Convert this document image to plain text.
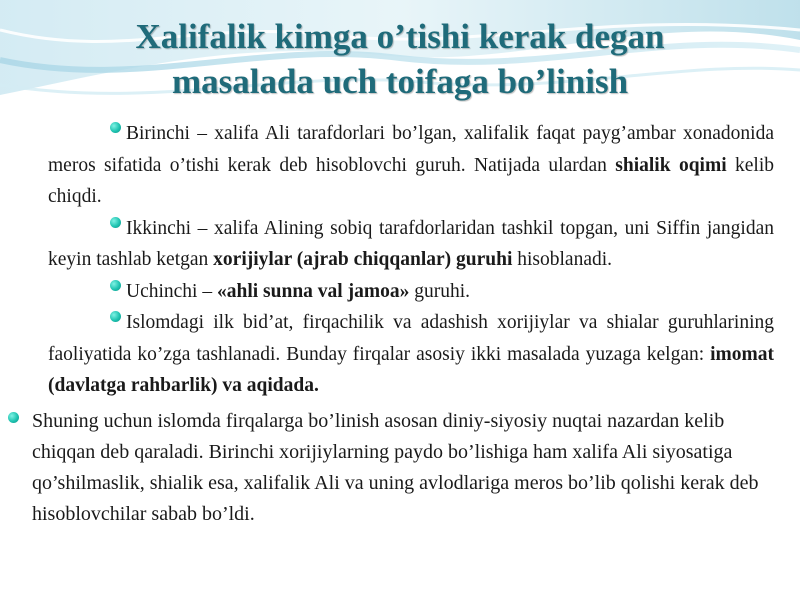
Xalifalik kimga o’tishi kerak degan
masalada uch toifaga bo’linish
Birinchi – xalifa Ali tarafdorlari bo’lgan, xalifalik faqat payg’ambar xonadonida meros sifatida o’tishi kerak deb hisoblovchi guruh. Natijada ulardan shialik oqimi kelib chiqdi.
Ikkinchi – xalifa Alining sobiq tarafdorlaridan tashkil topgan, uni Siffin jangidan keyin tashlab ketgan xorijiylar (ajrab chiqqanlar) guruhi hisoblanadi.
Uchinchi – «ahli sunna val jamoa» guruhi.
Islomdagi ilk bid’at, firqachilik va adashish xorijiylar va shialar guruhlarining faoliyatida ko’zga tashlanadi. Bunday firqalar asosiy ikki masalada yuzaga kelgan: imomat (davlatga rahbarlik) va aqidada.
Shuning uchun islomda firqalarga bo’linish asosan diniy-siyosiy nuqtai nazardan kelib chiqqan deb qaraladi. Birinchi xorijiylarning paydo bo’lishiga ham xalifa Ali siyosatiga qo’shilmaslik, shialik esa, xalifalik Ali va uning avlodlariga meros bo’lib qolishi kerak deb hisoblovchilar sabab bo’ldi.
